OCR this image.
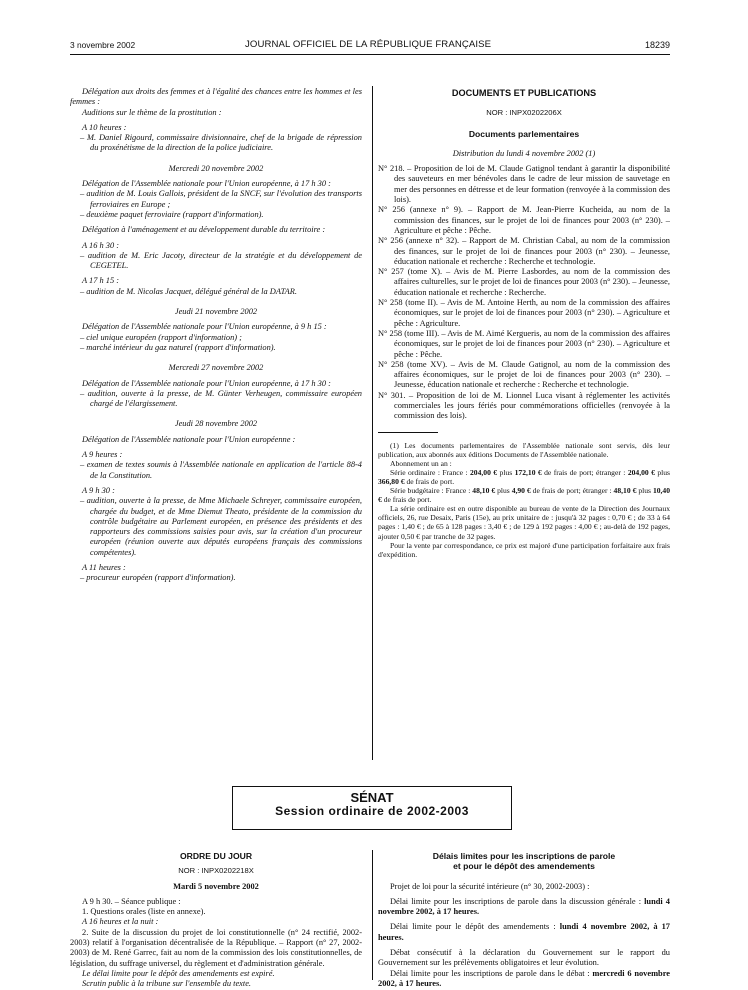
3 novembre 2002	JOURNAL OFFICIEL DE LA RÉPUBLIQUE FRANÇAISE	18239

Délégation aux droits des femmes et à l'égalité des chances entre les hommes et les femmes :

Auditions sur le thème de la prostitution :

A 10 heures :

– M. Daniel Rigourd, commissaire divisionnaire, chef de la brigade de répression du proxénétisme de la direction de la police judiciaire.

Mercredi 20 novembre 2002

Délégation de l'Assemblée nationale pour l'Union européenne, à 17 h 30 :

– audition de M. Louis Gallois, président de la SNCF, sur l'évolution des transports ferroviaires en Europe ;

– deuxième paquet ferroviaire (rapport d'information).

Délégation à l'aménagement et au développement durable du territoire :

A 16 h 30 :

– audition de M. Eric Jacoty, directeur de la stratégie et du développement de CEGETEL.

A 17 h 15 :

– audition de M. Nicolas Jacquet, délégué général de la DATAR.

Jeudi 21 novembre 2002

Délégation de l'Assemblée nationale pour l'Union européenne, à 9 h 15 :

– ciel unique européen (rapport d'information) ;

– marché intérieur du gaz naturel (rapport d'information).

Mercredi 27 novembre 2002

Délégation de l'Assemblée nationale pour l'Union européenne, à 17 h 30 :

– audition, ouverte à la presse, de M. Günter Verheugen, commissaire européen chargé de l'élargissement.

Jeudi 28 novembre 2002

Délégation de l'Assemblée nationale pour l'Union européenne :

A 9 heures :

– examen de textes soumis à l'Assemblée nationale en application de l'article 88-4 de la Constitution.

A 9 h 30 :

– audition, ouverte à la presse, de Mme Michaele Schreyer, commissaire européen, chargée du budget, et de Mme Diemut Theato, présidente de la commission du contrôle budgétaire au Parlement européen, en présence des présidents et des rapporteurs des commissions saisies pour avis, sur la création d'un procureur européen (réunion ouverte aux députés européens français des commissions compétentes).

A 11 heures :

– procureur européen (rapport d'information).

DOCUMENTS ET PUBLICATIONS

NOR : INPX0202206X

Documents parlementaires

Distribution du lundi 4 novembre 2002 (1)

N° 218. – Proposition de loi de M. Claude Gatignol tendant à garantir la disponibilité des sauveteurs en mer bénévoles dans le cadre de leur mission de sauvetage en mer des personnes en détresse et de leur formation (renvoyée à la commission des lois).

N° 256 (annexe n° 9). – Rapport de M. Jean-Pierre Kucheida, au nom de la commission des finances, sur le projet de loi de finances pour 2003 (n° 230). – Agriculture et pêche : Pêche.

N° 256 (annexe n° 32). – Rapport de M. Christian Cabal, au nom de la commission des finances, sur le projet de loi de finances pour 2003 (n° 230). – Jeunesse, éducation nationale et recherche : Recherche et technologie.

N° 257 (tome X). – Avis de M. Pierre Lasbordes, au nom de la commission des affaires culturelles, sur le projet de loi de finances pour 2003 (n° 230). – Jeunesse, éducation nationale et recherche : Recherche.

N° 258 (tome II). – Avis de M. Antoine Herth, au nom de la commission des affaires économiques, sur le projet de loi de finances pour 2003 (n° 230). – Agriculture et pêche : Agriculture.

N° 258 (tome III). – Avis de M. Aimé Kergueris, au nom de la commission des affaires économiques, sur le projet de loi de finances pour 2003 (n° 230). – Agriculture et pêche : Pêche.

N° 258 (tome XV). – Avis de M. Claude Gatignol, au nom de la commission des affaires économiques, sur le projet de loi de finances pour 2003 (n° 230). – Jeunesse, éducation nationale et recherche : Recherche et technologie.

N° 301. – Proposition de loi de M. Lionnel Luca visant à réglementer les activités commerciales les jours fériés pour commémorations officielles (renvoyée à la commission des lois).

(1) Les documents parlementaires de l'Assemblée nationale sont servis, dès leur publication, aux abonnés aux éditions Documents de l'Assemblée nationale.

Abonnement un an :

Série ordinaire : France : 204,00 € plus 172,10 € de frais de port; étranger : 204,00 € plus 366,80 € de frais de port.

Série budgétaire : France : 48,10 € plus 4,90 € de frais de port; étranger : 48,10 € plus 10,40 € de frais de port.

La série ordinaire est en outre disponible au bureau de vente de la Direction des Journaux officiels, 26, rue Desaix, Paris (15e), au prix unitaire de : jusqu'à 32 pages : 0,70 € ; de 33 à 64 pages : 1,40 € ; de 65 à 128 pages : 3,40 € ; de 129 à 192 pages : 4,00 € ; au-delà de 192 pages, ajouter 0,50 € par tranche de 32 pages.

Pour la vente par correspondance, ce prix est majoré d'une participation forfaitaire aux frais d'expédition.

SÉNAT
Session ordinaire de 2002-2003

ORDRE DU JOUR

NOR : INPX0202218X

Mardi 5 novembre 2002

A 9 h 30. – Séance publique :

1. Questions orales (liste en annexe).

A 16 heures et la nuit :

2. Suite de la discussion du projet de loi constitutionnelle (n° 24 rectifié, 2002-2003) relatif à l'organisation décentralisée de la République. – Rapport (n° 27, 2002-2003) de M. René Garrec, fait au nom de la commission des lois constitutionnelles, de législation, du suffrage universel, du règlement et d'administration générale.

Le délai limite pour le dépôt des amendements est expiré.

Scrutin public à la tribune sur l'ensemble du texte.

Délais limites pour les inscriptions de parole

et pour le dépôt des amendements

Projet de loi pour la sécurité intérieure (n° 30, 2002-2003) :

Délai limite pour les inscriptions de parole dans la discussion générale : lundi 4 novembre 2002, à 17 heures.

Délai limite pour le dépôt des amendements : lundi 4 novembre 2002, à 17 heures.

Débat consécutif à la déclaration du Gouvernement sur le rapport du Gouvernement sur les prélèvements obligatoires et leur évolution.

Délai limite pour les inscriptions de parole dans le débat : mercredi 6 novembre 2002, à 17 heures.
